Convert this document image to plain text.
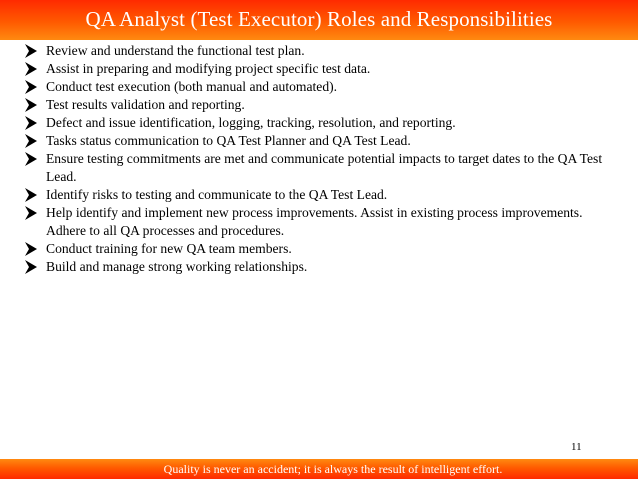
QA Analyst (Test Executor) Roles and Responsibilities
Review and understand the functional test plan.
Assist in preparing and modifying project specific test data.
Conduct test execution (both manual and automated).
Test results validation and reporting.
Defect and issue identification, logging, tracking, resolution, and reporting.
Tasks status communication to QA Test Planner and QA Test Lead.
Ensure testing commitments are met and communicate potential impacts to target dates to the QA Test Lead.
Identify risks to testing and communicate to the QA Test Lead.
Help identify and implement new process improvements. Assist in existing process improvements. Adhere to all QA processes and procedures.
Conduct training for new QA team members.
Build and manage strong working relationships.
11
Quality is never an accident; it is always the result of intelligent effort.
